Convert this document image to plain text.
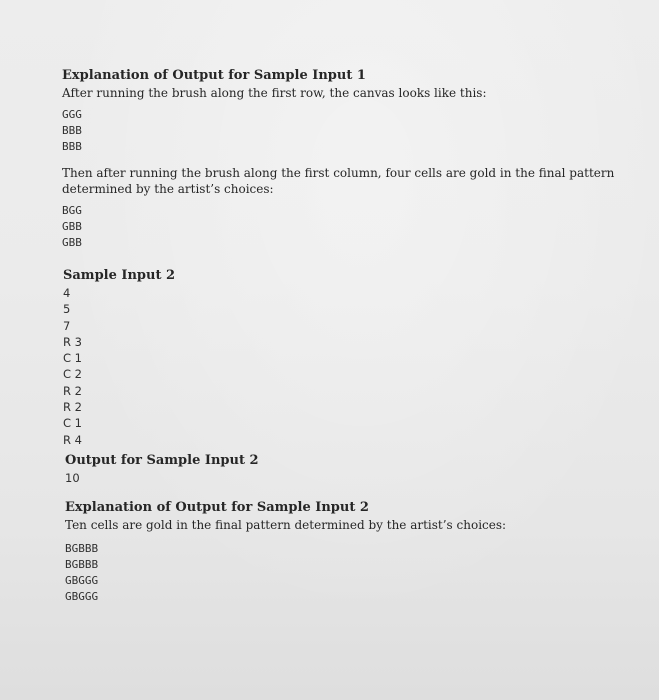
Explanation of Output for Sample Input 1

After running the brush along the first row, the canvas looks like this:

GGG

BBB

BBB

Then after running the brush along the first column, four cells are gold in the final pattern

determined by the artist’s choices:

BGG

GBB

GBB

Sample Input 2

4
5
7
R 3
C 1
C 2
R 2
R 2
C 1
R 4

Output for Sample Input 2

10

Explanation of Output for Sample Input 2

Ten cells are gold in the final pattern determined by the artist’s choices:

BGBBB

BGBBB

GBGGG

GBGGG
